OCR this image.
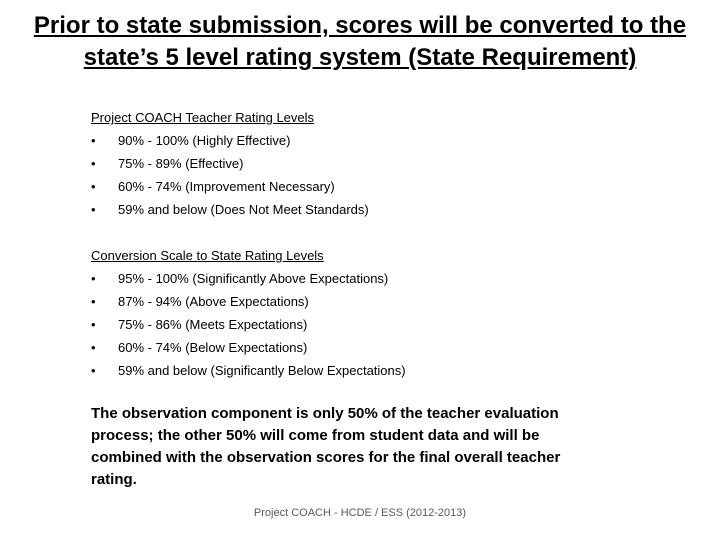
Prior to state submission, scores will be converted to the
state’s 5 level rating system (State Requirement)

Project COACH Teacher Rating Levels

• 90% - 100% (Highly Effective)
• 75% - 89% (Effective)
• 60% - 74% (Improvement Necessary)
• 59% and below (Does Not Meet Standards)

Conversion Scale to State Rating Levels

• 95% - 100% (Significantly Above Expectations)
• 87% - 94% (Above Expectations)
• 75% - 86% (Meets Expectations)
• 60% - 74% (Below Expectations)
• 59% and below (Significantly Below Expectations)

The observation component is only 50% of the teacher evaluation process; the other 50% will come from student data and will be combined with the observation scores for the final overall teacher rating.

Project COACH - HCDE / ESS (2012-2013)
